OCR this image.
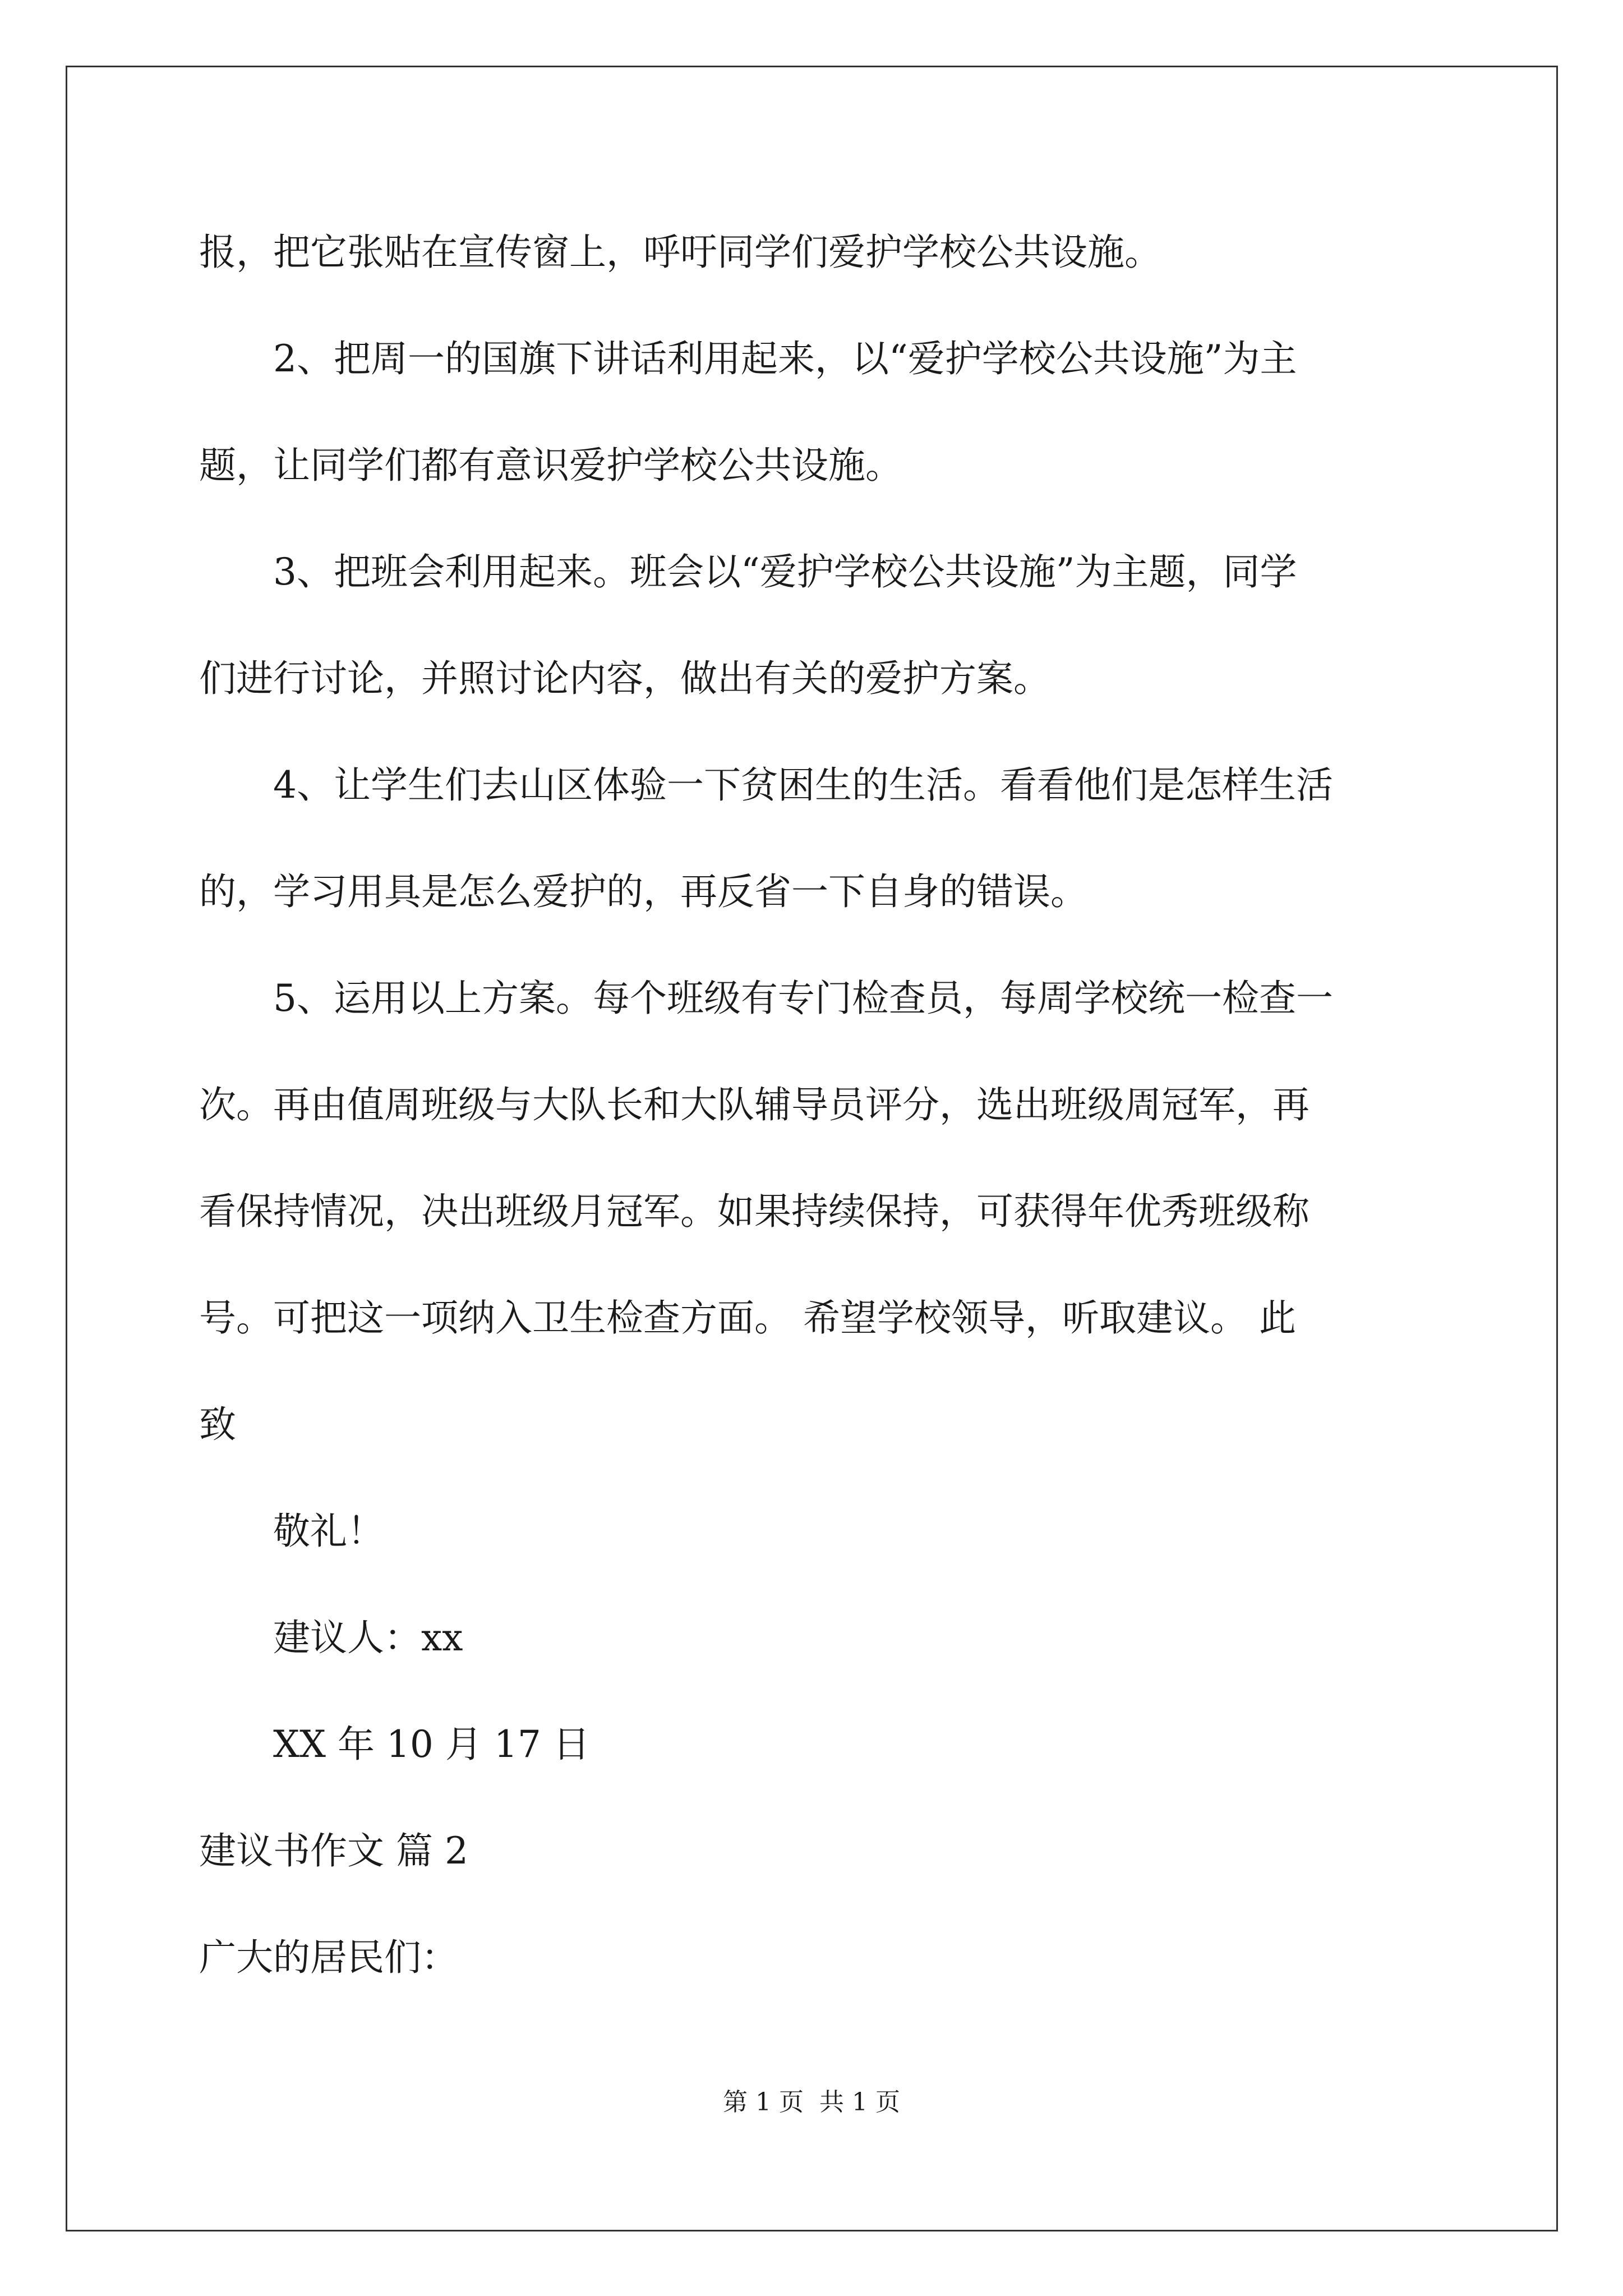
报，把它张贴在宣传窗上，呼吁同学们爱护学校公共设施。

　　2、把周一的国旗下讲话利用起来，以“爱护学校公共设施”为主

题，让同学们都有意识爱护学校公共设施。

　　3、把班会利用起来。班会以“爱护学校公共设施”为主题，同学

们进行讨论，并照讨论内容，做出有关的爱护方案。

　　4、让学生们去山区体验一下贫困生的生活。看看他们是怎样生活

的，学习用具是怎么爱护的，再反省一下自身的错误。

　　5、运用以上方案。每个班级有专门检查员，每周学校统一检查一

次。再由值周班级与大队长和大队辅导员评分，选出班级周冠军，再

看保持情况，决出班级月冠军。如果持续保持，可获得年优秀班级称

号。可把这一项纳入卫生检查方面。 希望学校领导，听取建议。 此

致

　　敬礼！

　　建议人：xx

　　XX 年 10 月 17 日

建议书作文 篇 2

广大的居民们：

第 1 页  共 1 页
